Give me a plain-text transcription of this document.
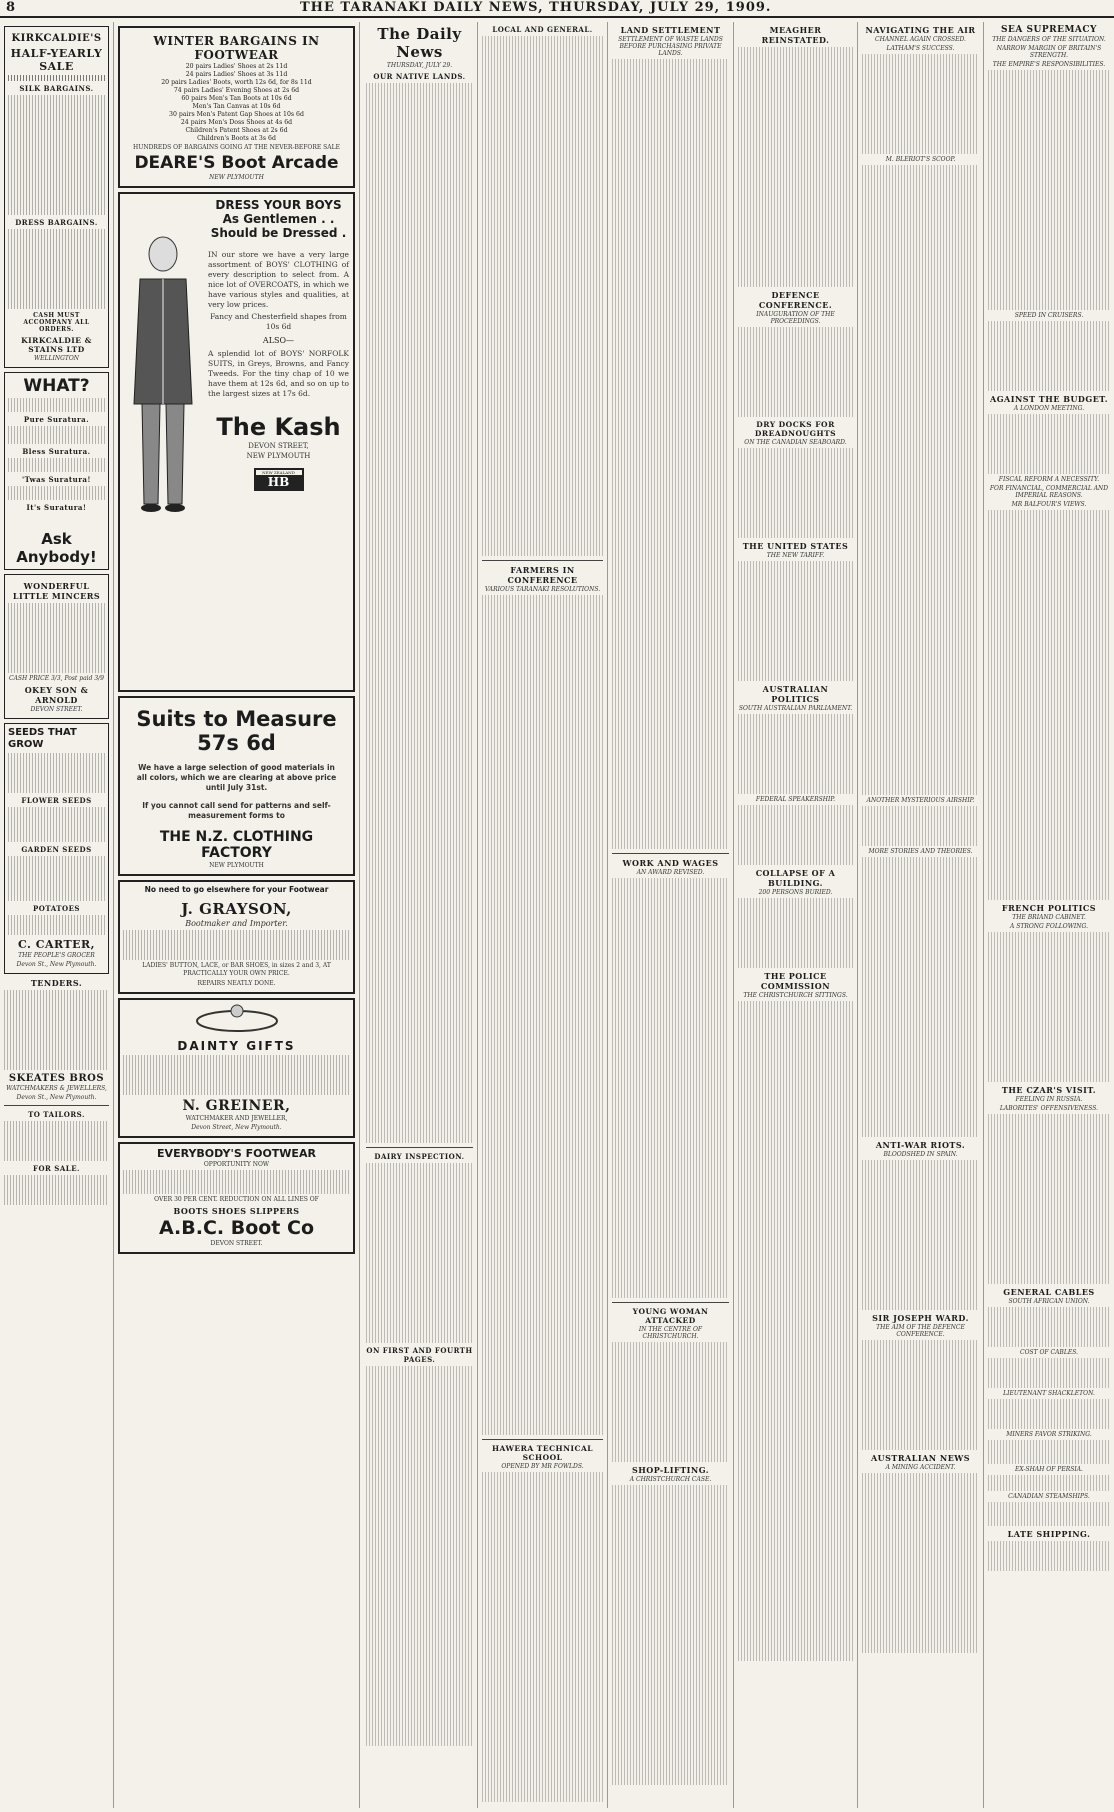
8	THE TARANAKI DAILY NEWS, THURSDAY, JULY 29, 1909.
KIRKCALDIE'S
HALF-YEARLY SALE

SILK BARGAINS.
DRESS BARGAINS.
CASH MUST ACCOMPANY ALL ORDERS.
KIRKCALDIE & STAINS LTD
WELLINGTON
WHAT?
Pure Suratura.
Bless Suratura.
'Twas Suratura!
It's Suratura!
Ask Anybody!
WONDERFUL LITTLE MINCERS
CASH PRICE 3/3, Post paid 3/9
OKEY SON & ARNOLD
DEVON STREET.
SEEDS THAT GROW
FLOWER SEEDS
GARDEN SEEDS
POTATOES
C. CARTER,
THE PEOPLE'S GROCER
Devon St., New Plymouth.
TENDERS.
SKEATES BROS
WATCHMAKERS & JEWELLERS,
Devon St., New Plymouth.
TO TAILORS.
FOR SALE.
WINTER BARGAINS IN FOOTWEAR

20 pairs Ladies' Shoes at 2s 11d

24 pairs Ladies' Shoes at 3s 11d

20 pairs Ladies' Boots, worth 12s 6d, for 8s 11d

74 pairs Ladies' Evening Shoes at 2s 6d

60 pairs Men's Tan Boots at 10s 6d

Men's Tan Canvas at 10s 6d

30 pairs Men's Patent Gap Shoes at 10s 6d

24 pairs Men's Doss Shoes at 4s 6d

Children's Patent Shoes at 2s 6d

Children's Boots at 3s 6d

HUNDREDS OF BARGAINS GOING AT THE NEVER-BEFORE SALE
DEARE'S Boot Arcade
NEW PLYMOUTH
DRESS YOUR BOYS
As Gentlemen . .
Should be Dressed .
IN our store we have a very large assortment of BOYS' CLOTHING of every description to select from. A nice lot of OVERCOATS, in which we have various styles and qualities, at very low prices.
Fancy and Chesterfield shapes from 10s 6d
ALSO—
A splendid lot of BOYS' NORFOLK SUITS, in Greys, Browns, and Fancy Tweeds. For the tiny chap of 10 we have them at 12s 6d, and so on up to the largest sizes at 17s 6d.
The Kash
DEVON STREET,
NEW PLYMOUTH
NEW ZEALAND
HB
Suits to Measure
57s 6d
We have a large selection of good materials in all colors, which we are clearing at above price until July 31st.
If you cannot call send for patterns and self-measurement forms to
THE N.Z. CLOTHING FACTORY
NEW PLYMOUTH
No need to go elsewhere for your Footwear
J. GRAYSON,
Bootmaker and Importer.
LADIES' BUTTON, LACE, or BAR SHOES, in sizes 2 and 3, AT PRACTICALLY YOUR OWN PRICE.
REPAIRS NEATLY DONE.
DAINTY GIFTS
N. GREINER,
WATCHMAKER AND JEWELLER,
Devon Street, New Plymouth.
EVERYBODY'S FOOTWEAR
OPPORTUNITY NOW
OVER 30 PER CENT. REDUCTION ON ALL LINES OF
BOOTS SHOES SLIPPERS
A.B.C. Boot Co
DEVON STREET.
The Daily News
THURSDAY, JULY 29.
OUR NATIVE LANDS.
DAIRY INSPECTION.
ON FIRST AND FOURTH PAGES.
LOCAL AND GENERAL.
FARMERS IN CONFERENCE
VARIOUS TARANAKI RESOLUTIONS.
HAWERA TECHNICAL SCHOOL
OPENED BY MR FOWLDS.
LAND SETTLEMENT
SETTLEMENT OF WASTE LANDS BEFORE PURCHASING PRIVATE LANDS.
WORK AND WAGES
AN AWARD REVISED.
YOUNG WOMAN ATTACKED
IN THE CENTRE OF CHRISTCHURCH.
SHOP-LIFTING.
A CHRISTCHURCH CASE.
MEAGHER REINSTATED.
DEFENCE CONFERENCE.
INAUGURATION OF THE PROCEEDINGS.
DRY DOCKS FOR DREADNOUGHTS
ON THE CANADIAN SEABOARD.
THE UNITED STATES
THE NEW TARIFF.
AUSTRALIAN POLITICS
SOUTH AUSTRALIAN PARLIAMENT.
FEDERAL SPEAKERSHIP.
COLLAPSE OF A BUILDING.
200 PERSONS BURIED.
THE POLICE COMMISSION
THE CHRISTCHURCH SITTINGS.
NAVIGATING THE AIR
CHANNEL AGAIN CROSSED.
LATHAM'S SUCCESS.
M. BLERIOT'S SCOOP.
ANOTHER MYSTERIOUS AIRSHIP.
MORE STORIES AND THEORIES.
ANTI-WAR RIOTS.
BLOODSHED IN SPAIN.
SIR JOSEPH WARD.
THE AIM OF THE DEFENCE CONFERENCE.
AUSTRALIAN NEWS
A MINING ACCIDENT.
SEA SUPREMACY
THE DANGERS OF THE SITUATION.
NARROW MARGIN OF BRITAIN'S STRENGTH.
THE EMPIRE'S RESPONSIBILITIES.
SPEED IN CRUISERS.
AGAINST THE BUDGET.
A LONDON MEETING.
FISCAL REFORM A NECESSITY.
FOR FINANCIAL, COMMERCIAL AND IMPERIAL REASONS.
MR BALFOUR'S VIEWS.
FRENCH POLITICS
THE BRIAND CABINET.
A STRONG FOLLOWING.
THE CZAR'S VISIT.
FEELING IN RUSSIA.
LABORITES' OFFENSIVENESS.
GENERAL CABLES
SOUTH AFRICAN UNION.
COST OF CABLES.
LIEUTENANT SHACKLETON.
MINERS FAVOR STRIKING.
EX-SHAH OF PERSIA.
CANADIAN STEAMSHIPS.
LATE SHIPPING.
